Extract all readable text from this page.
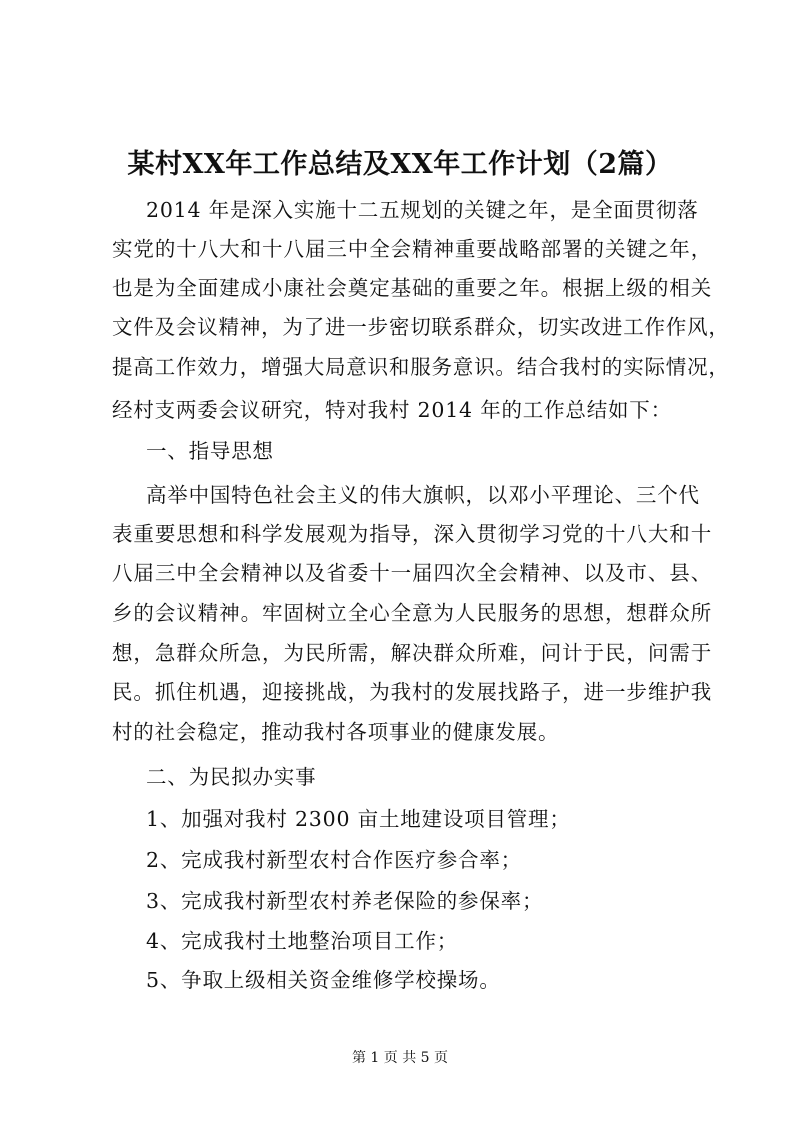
某村XX年工作总结及XX年工作计划（2篇）
2014 年是深入实施十二五规划的关键之年，是全面贯彻落
实党的十八大和十八届三中全会精神重要战略部署的关键之年，
也是为全面建成小康社会奠定基础的重要之年。根据上级的相关
文件及会议精神，为了进一步密切联系群众，切实改进工作作风，
提高工作效力，增强大局意识和服务意识。结合我村的实际情况，
经村支两委会议研究，特对我村 2014 年的工作总结如下：
一、指导思想
高举中国特色社会主义的伟大旗帜，以邓小平理论、三个代
表重要思想和科学发展观为指导，深入贯彻学习党的十八大和十
八届三中全会精神以及省委十一届四次全会精神、以及市、县、
乡的会议精神。牢固树立全心全意为人民服务的思想，想群众所
想，急群众所急，为民所需，解决群众所难，问计于民，问需于
民。抓住机遇，迎接挑战，为我村的发展找路子，进一步维护我
村的社会稳定，推动我村各项事业的健康发展。
二、为民拟办实事
1、加强对我村 2300 亩土地建设项目管理；
2、完成我村新型农村合作医疗参合率；
3、完成我村新型农村养老保险的参保率；
4、完成我村土地整治项目工作；
5、争取上级相关资金维修学校操场。
第 1 页 共 5 页
